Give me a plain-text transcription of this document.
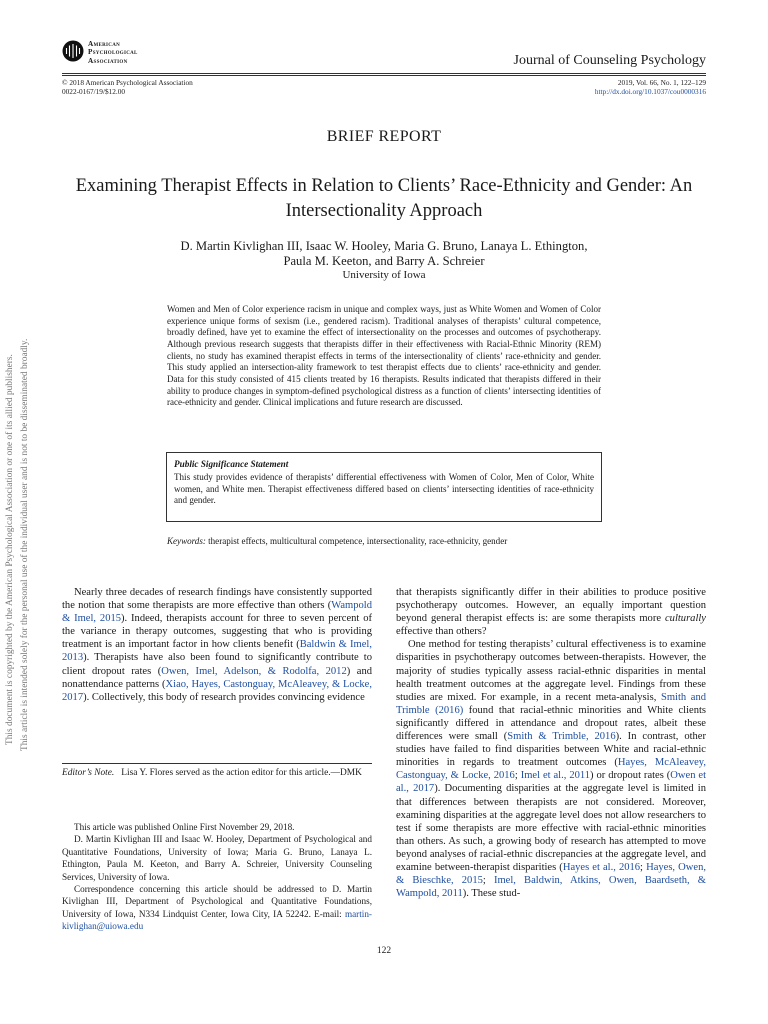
American
Psychological
Association	Journal of Counseling Psychology
© 2018 American Psychological Association
0022-0167/19/$12.00
2019, Vol. 66, No. 1, 122–129
http://dx.doi.org/10.1037/cou0000316
This document is copyrighted by the American Psychological Association or one of its allied publishers. This article is intended solely for the personal use of the individual user and is not to be disseminated broadly.
BRIEF REPORT
Examining Therapist Effects in Relation to Clients’ Race-Ethnicity and Gender: An Intersectionality Approach
D. Martin Kivlighan III, Isaac W. Hooley, Maria G. Bruno, Lanaya L. Ethington,
Paula M. Keeton, and Barry A. Schreier
University of Iowa
Women and Men of Color experience racism in unique and complex ways, just as White Women and Women of Color experience unique forms of sexism (i.e., gendered racism). Traditional analyses of therapists’ cultural competence, broadly defined, have yet to examine the effect of intersectionality on the processes and outcomes of psychotherapy. Although previous research suggests that therapists differ in their effectiveness with Racial-Ethnic Minority (REM) clients, no study has examined therapist effects in terms of the intersectionality of clients’ race-ethnicity and gender. This study applied an intersection-ality framework to test therapist effects due to clients’ race-ethnicity and gender. Data for this study consisted of 415 clients treated by 16 therapists. Results indicated that therapists differed in their ability to produce changes in symptom-defined psychological distress as a function of clients’ intersecting identities of race-ethnicity and gender. Clinical implications and future research are discussed.
Public Significance Statement
This study provides evidence of therapists’ differential effectiveness with Women of Color, Men of Color, White women, and White men. Therapist effectiveness differed based on clients’ intersecting identities of race-ethnicity and gender.
Keywords: therapist effects, multicultural competence, intersectionality, race-ethnicity, gender

Nearly three decades of research findings have consistently supported the notion that some therapists are more effective than others (Wampold & Imel, 2015). Indeed, therapists account for three to seven percent of the variance in therapy outcomes, suggesting that who is providing treatment is an important factor in how clients benefit (Baldwin & Imel, 2013). Therapists have also been found to significantly contribute to client dropout rates (Owen, Imel, Adelson, & Rodolfa, 2012) and nonattendance patterns (Xiao, Hayes, Castonguay, McAleavey, & Locke, 2017). Collectively, this body of research provides convincing evidence

Editor’s Note. Lisa Y. Flores served as the action editor for this article.—DMK

This article was published Online First November 29, 2018.

D. Martin Kivlighan III and Isaac W. Hooley, Department of Psychological and Quantitative Foundations, University of Iowa; Maria G. Bruno, Lanaya L. Ethington, Paula M. Keeton, and Barry A. Schreier, University Counseling Services, University of Iowa.

Correspondence concerning this article should be addressed to D. Martin Kivlighan III, Department of Psychological and Quantitative Foundations, University of Iowa, N334 Lindquist Center, Iowa City, IA 52242. E-mail: martin-kivlighan@uiowa.edu

that therapists significantly differ in their abilities to produce positive psychotherapy outcomes. However, an equally important question beyond general therapist effects is: are some therapists more culturally effective than others?

One method for testing therapists’ cultural effectiveness is to examine disparities in psychotherapy outcomes between-therapists. However, the majority of studies typically assess racial-ethnic disparities in mental health treatment outcomes at the aggregate level. Findings from these studies are mixed. For example, in a recent meta-analysis, Smith and Trimble (2016) found that racial-ethnic minorities and White clients significantly differed in attendance and dropout rates, albeit these differences were small (Smith & Trimble, 2016). In contrast, other studies have failed to find disparities between White and racial-ethnic minorities in regards to treatment outcomes (Hayes, McAleavey, Castonguay, & Locke, 2016; Imel et al., 2011) or dropout rates (Owen et al., 2017). Documenting disparities at the aggregate level is limited in that differences between therapists are not considered. Moreover, examining disparities at the aggregate level does not allow researchers to test if some therapists are more effective with racial-ethnic minorities than others. As such, a growing body of research has attempted to move beyond analyses of racial-ethnic discrepancies at the aggregate level, and examine between-therapist disparities (Hayes et al., 2016; Hayes, Owen, & Bieschke, 2015; Imel, Baldwin, Atkins, Owen, Baardseth, & Wampold, 2011). These stud-

122
